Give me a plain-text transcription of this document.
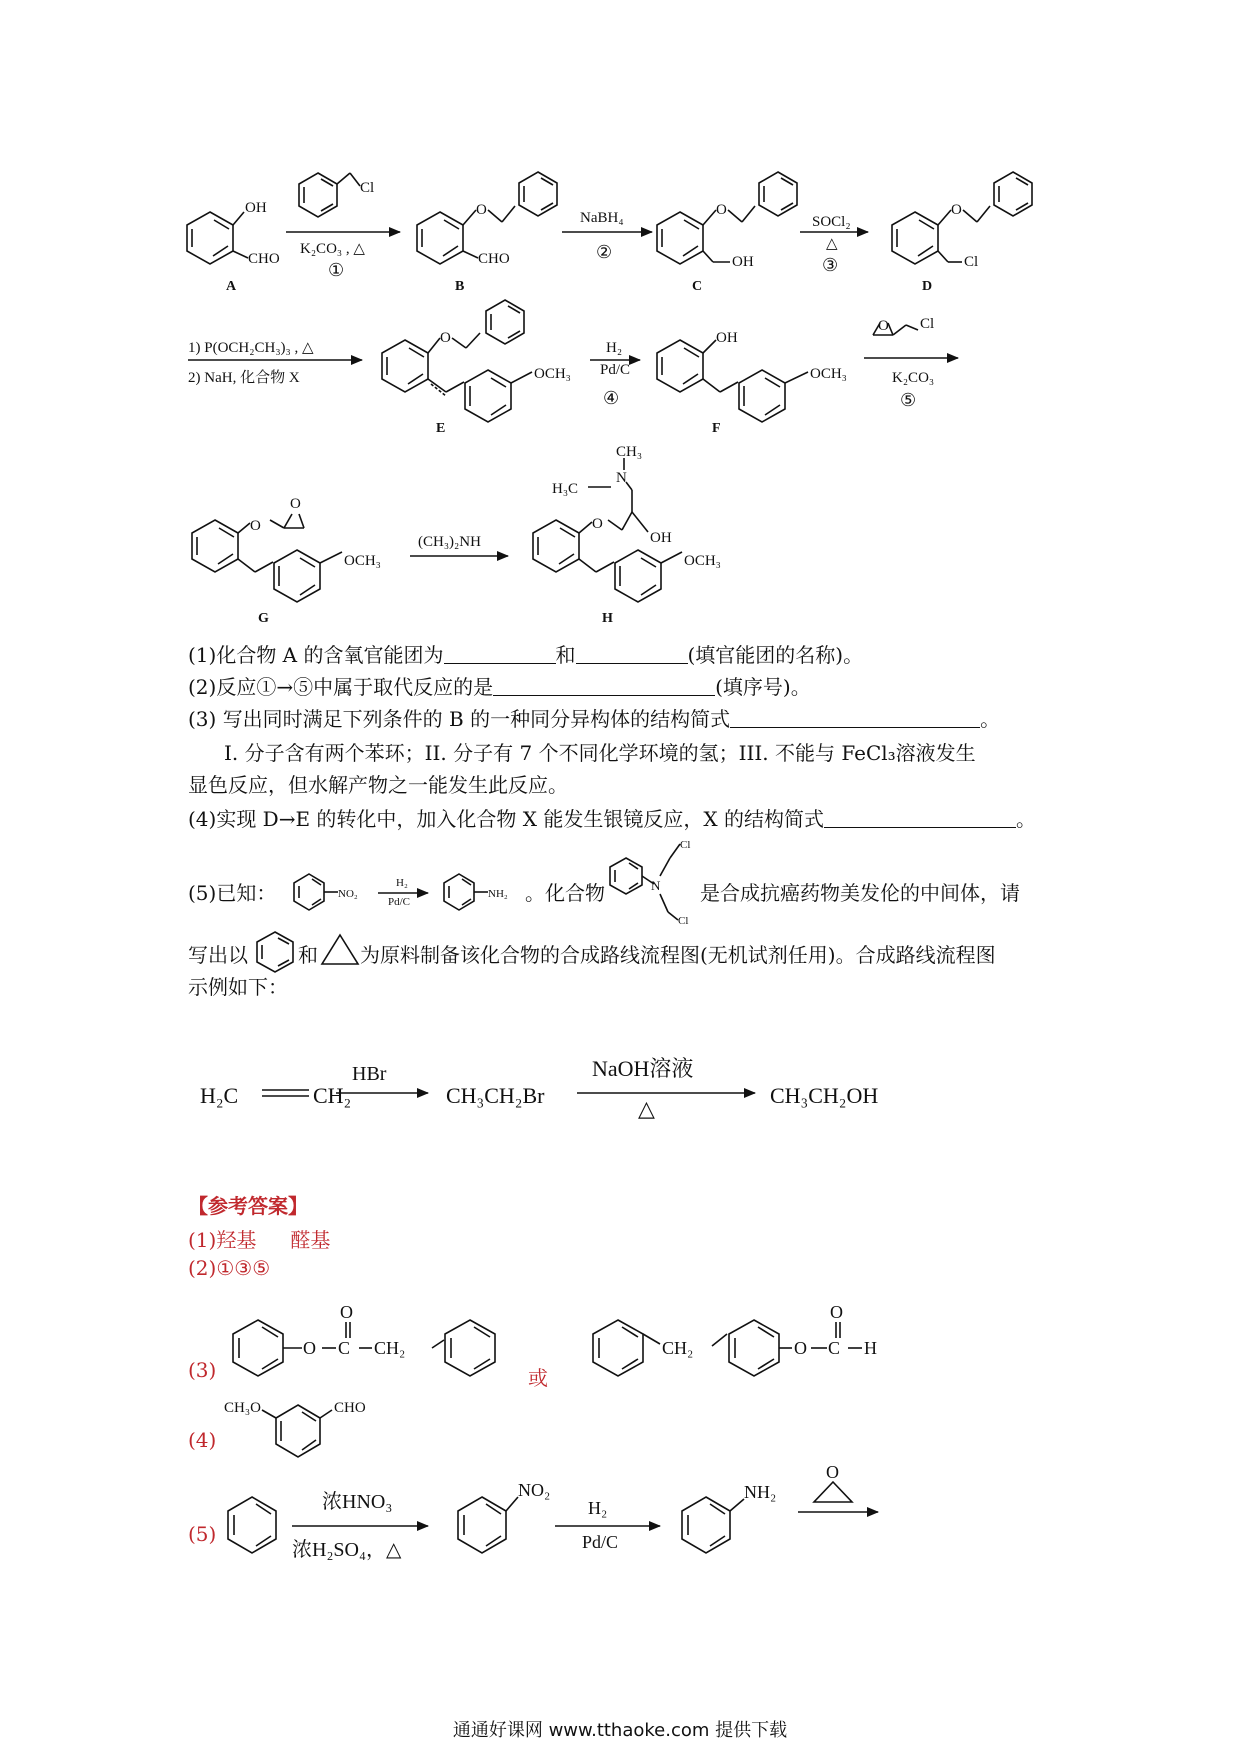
OH
CHO
A
Cl
K₂CO₃ , △
①
O
CHO
B
NaBH₄
②
O
OH
C
SOCl₂
△
③
O
Cl
D
1) P(OCH₂CH₃)₃ , △
2) NaH, 化合物 X
O
OCH₃
E
H₂
Pd/C
④
OH
OCH₃
F
O Cl
K₂CO₃
⑤
O
O
OCH₃
G
(CH₃)₂NH
CH₃
H₃C
N
O
OH
OCH₃
H
NO₂
H₂
Pd/C
NH₂
N
Cl
Cl
H₂C	CH₂
HBr
CH₃CH₂Br
NaOH溶液
△
CH₃CH₂OH
O
O
C CH₂	CH₂	O
O
C H
CH₃O	CHO
浓HNO₃
浓H₂SO₄，△
NO₂
H₂
Pd/C
NH₂
O
(1)化合物 A 的含氧官能团为	和	(填官能团的名称)。
(2)反应①→⑤中属于取代反应的是	(填序号)。
(3) 写出同时满足下列条件的 B 的一种同分异构体的结构简式	。
I. 分子含有两个苯环；II. 分子有 7 个不同化学环境的氢；III. 不能与 FeCl₃溶液发生
显色反应，但水解产物之一能发生此反应。
(4)实现 D→E 的转化中，加入化合物 X 能发生银镜反应，X 的结构简式	。
(5)已知：	。化合物	是合成抗癌药物美发伦的中间体，请
写出以	和 为原料制备该化合物的合成路线流程图(无机试剂任用)。合成路线流程图
示例如下：
【参考答案】
(1)羟基 醛基
(2)①③⑤
(3)	或
(4)
(5)
通通好课网 www.tthaoke.com 提供下载
